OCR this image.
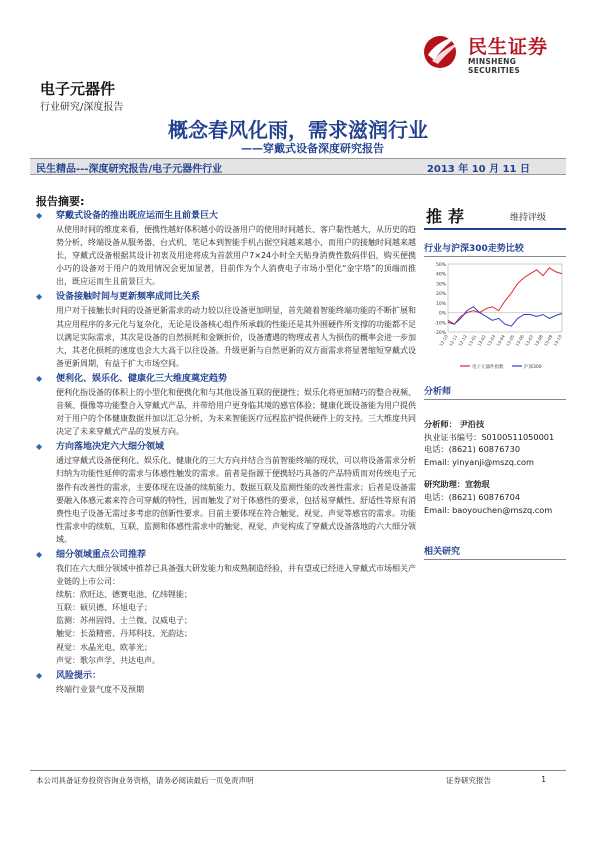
民生证券
MINSHENG SECURITIES
电子元器件
行业研究/深度报告
概念春风化雨，需求滋润行业
——穿戴式设备深度研究报告
民生精品---深度研究报告/电子元器件行业	2013 年 10 月 11 日
报告摘要:
◆ 穿戴式设备的推出既应运而生且前景巨大
从使用时间的维度来看，便携性越好体积越小的设备用户的使用时间越长、客户黏性越大，从历史的趋势分析，终端设备从服务器、台式机、笔记本到智能手机占据空间越来越小，而用户的接触时间越来越长，穿戴式设备根据其设计初衷及用途将成为首款用户7×24小时全天贴身消费性数码伴侣，购买便携小巧的设备对于用户的效用情况会更加显著，目前作为个人消费电子市场小型化“金字塔”的顶端而推出，既应运而生且前景巨大。
◆ 设备接触时间与更新频率成同比关系
用户对于接触长时间的设备更新需求的动力较以往设备更加明显，首先随着智能终端功能的不断扩展和其应用程序的多元化与复杂化，无论是设备核心组件所承载的性能还是其外围硬件所支撑的功能都不足以满足实际需求，其次是设备的自然损耗和金额折价，设备遭遇的物理或者人为损伤的概率会进一步加大，其老化损耗的速度也会大大高于以往设备。升级更新与自然更新的双方面需求将显著缩短穿戴式设备更新周期，有益于扩大市场空间。
◆ 便利化、娱乐化、健康化三大维度奠定趋势
便利化指设备的体积上的小型化和便携化和与其他设备互联的便捷性；娱乐化将更加精巧的整合视频、音频、摄像等功能整合入穿戴式产品，并带给用户更身临其境的感官体验；健康化既设备能为用户提供对于用户的个体健康数据并加以汇总分析，为未来智能医疗远程监护提供硬件上的支持。三大维度共同决定了未来穿戴式产品的发展方向。
◆ 方向落地决定六大细分领域
通过穿戴式设备便利化、娱乐化、健康化的三大方向并结合当前智能终端的现状，可以将设备需求分析归纳为功能性延伸的需求与体感性触发的需求。前者是指源于便携轻巧具备的产品特质而对传统电子元器件有改善性的需求，主要体现在设备的续航能力、数据互联及监测性能的改善性需求；后者是设备需要融入体感元素来符合可穿戴的特性，因而触发了对于体感性的要求，包括易穿戴性、舒适性等原有消费性电子设备无需过多考虑的创新性要求。目前主要体现在符合触觉、视觉、声觉等感官的需求。功能性需求中的续航、互联、监测和体感性需求中的触觉、视觉、声觉构成了穿戴式设备落地的六大细分领域。
◆ 细分领域重点公司推荐
我们在六大细分领域中推荐已具备强大研发能力和成熟制造经验，并有望或已经进入穿戴式市场相关产业链的上市公司：
续航：欣旺达、德赛电池、亿纬锂能；
互联：硕贝德、环旭电子；
监测：苏州固锝、士兰微、汉威电子；
触觉：长盈精密、丹邦科技、光韵达；
视觉：水晶光电、欧菲光；
声觉：歌尔声学、共达电声。
◆ 风险提示：
终端行业景气度不及预期
推荐	维持评级
行业与沪深300走势比较
50%
40%
30%
20%
10%
0%
-10%
-20%
12-10 12-11 12-12 13-01 13-02 13-03 13-04 13-05 13-06 13-07 13-08 13-09 13-10
电子元器件指数	沪深300
分析师
分析师： 尹沿技
执业证书编号：S0100511050001
电话：(8621) 60876730
Email: yinyanji@mszq.com
研究助理：宣勃珉
电话：(8621) 60876704
Email: baoyouchen@mszq.com
相关研究
本公司具备证券投资咨询业务资格，请务必阅读最后一页免责声明	证券研究报告	1
